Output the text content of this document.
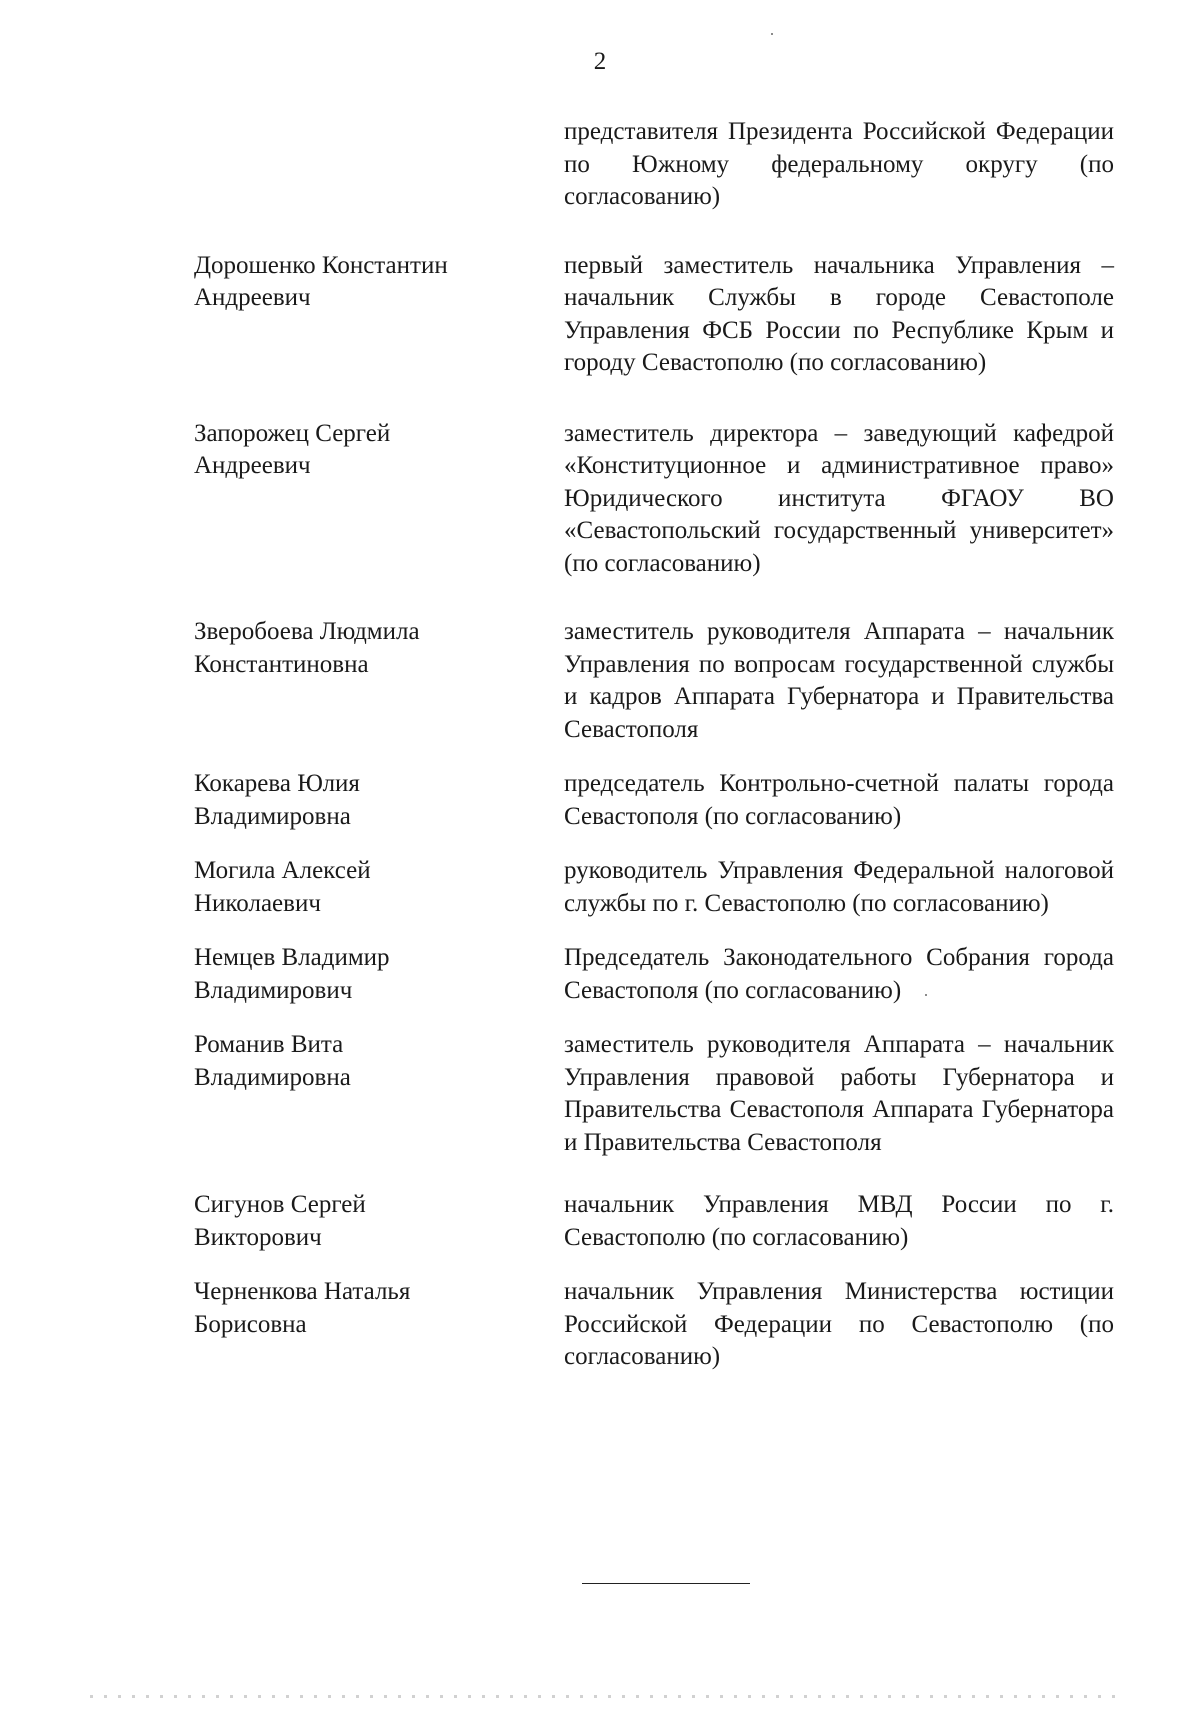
2
представителя Президента Российской Федерации по Южному федеральному округу (по согласованию)
Дорошенко Константин
Андреевич
первый заместитель начальника Управления – начальник Службы в городе Севастополе Управления ФСБ России по Республике Крым и городу Севастополю (по согласованию)
Запорожец Сергей
Андреевич
заместитель директора – заведующий кафедрой «Конституционное и административное право» Юридического института ФГАОУ ВО «Севастопольский государственный университет» (по согласованию)
Зверобоева Людмила
Константиновна
заместитель руководителя Аппарата – начальник Управления по вопросам государственной службы и кадров Аппарата Губернатора и Правительства Севастополя
Кокарева Юлия
Владимировна
председатель Контрольно-счетной палаты города Севастополя (по согласованию)
Могила Алексей
Николаевич
руководитель Управления Федеральной налоговой службы по г. Севастополю (по согласованию)
Немцев Владимир
Владимирович
Председатель Законодательного Собрания города Севастополя (по согласованию)
Романив Вита
Владимировна
заместитель руководителя Аппарата – начальник Управления правовой работы Губернатора и Правительства Севастополя Аппарата Губернатора и Правительства Севастополя
Сигунов Сергей
Викторович
начальник Управления МВД России по г. Севастополю (по согласованию)
Черненкова Наталья
Борисовна
начальник Управления Министерства юстиции Российской Федерации по Севастополю (по согласованию)
